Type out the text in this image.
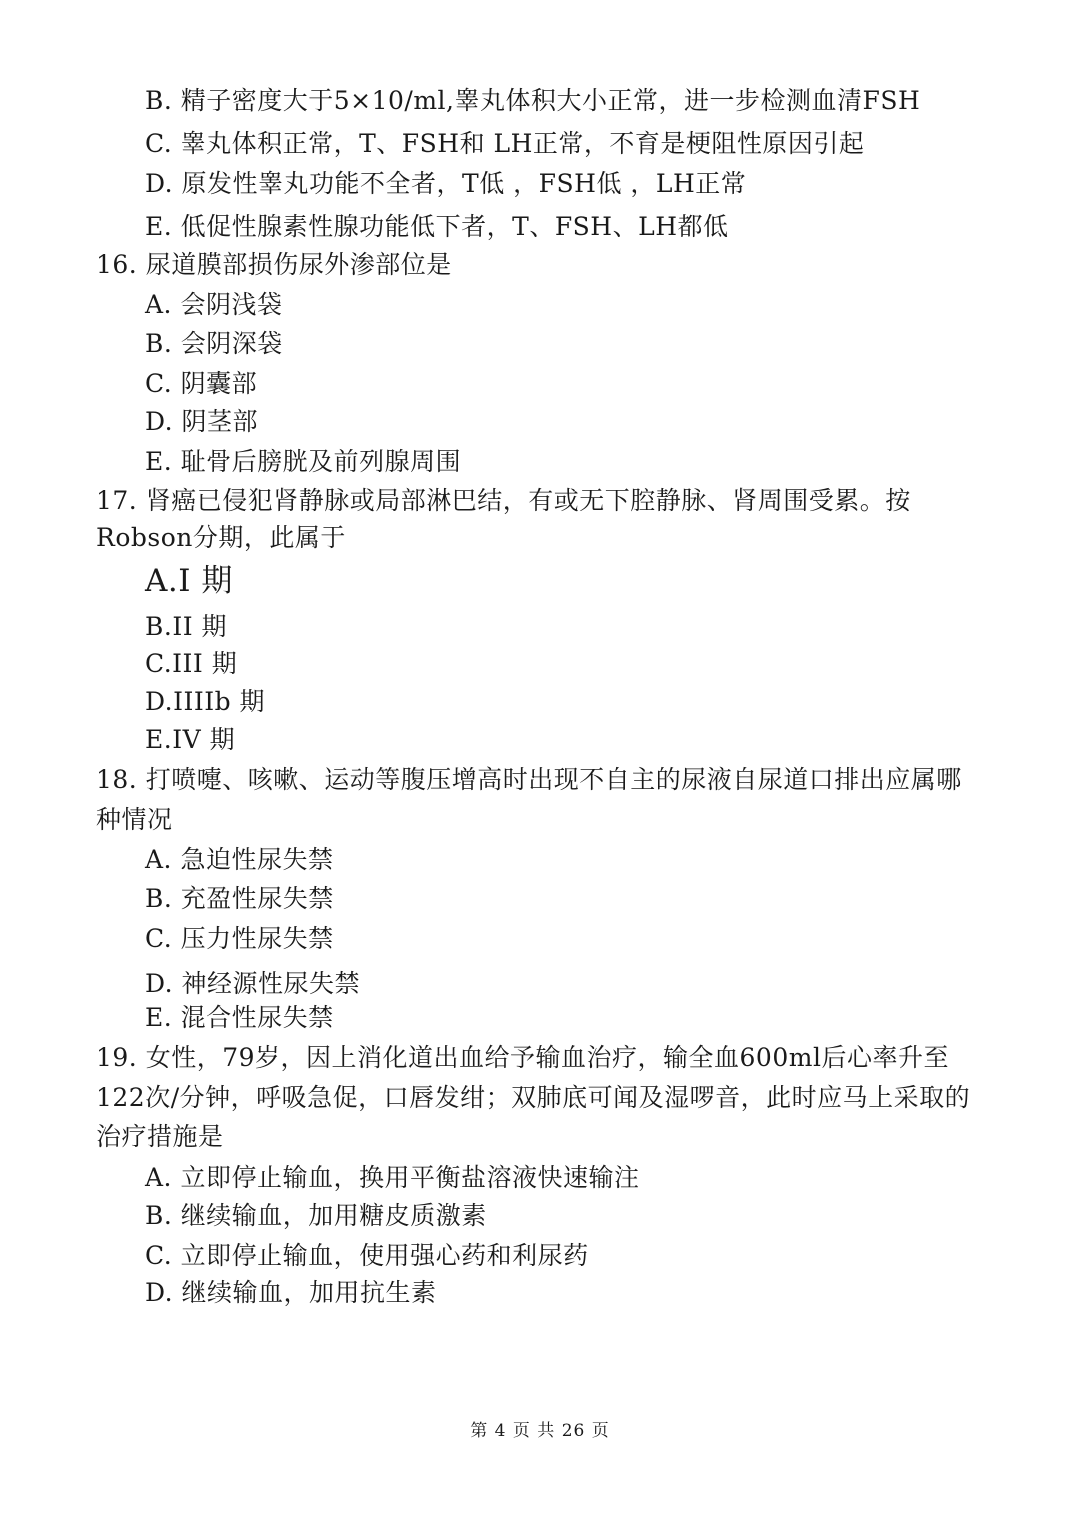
B. 精子密度大于5×10/ml,睾丸体积大小正常，进一步检测血清FSH
C. 睾丸体积正常，T、FSH和 LH正常，不育是梗阻性原因引起
D. 原发性睾丸功能不全者，T低 ，FSH低 ，LH正常
E. 低促性腺素性腺功能低下者，T、FSH、LH都低
16. 尿道膜部损伤尿外渗部位是
A. 会阴浅袋
B. 会阴深袋
C. 阴囊部
D. 阴茎部
E. 耻骨后膀胱及前列腺周围
17. 肾癌已侵犯肾静脉或局部淋巴结，有或无下腔静脉、肾周围受累。按
Robson分期，此属于
A.I 期
B.II 期
C.III 期
D.IIIIb 期
E.IV 期
18. 打喷嚏、咳嗽、运动等腹压增高时出现不自主的尿液自尿道口排出应属哪
种情况
A. 急迫性尿失禁
B. 充盈性尿失禁
C. 压力性尿失禁
D. 神经源性尿失禁
E. 混合性尿失禁
19. 女性，79岁，因上消化道出血给予输血治疗，输全血600ml后心率升至
122次/分钟，呼吸急促，口唇发绀；双肺底可闻及湿啰音，此时应马上采取的
治疗措施是
A. 立即停止输血，换用平衡盐溶液快速输注
B. 继续输血，加用糖皮质激素
C. 立即停止输血，使用强心药和利尿药
D. 继续输血，加用抗生素
第 4 页 共 26 页
